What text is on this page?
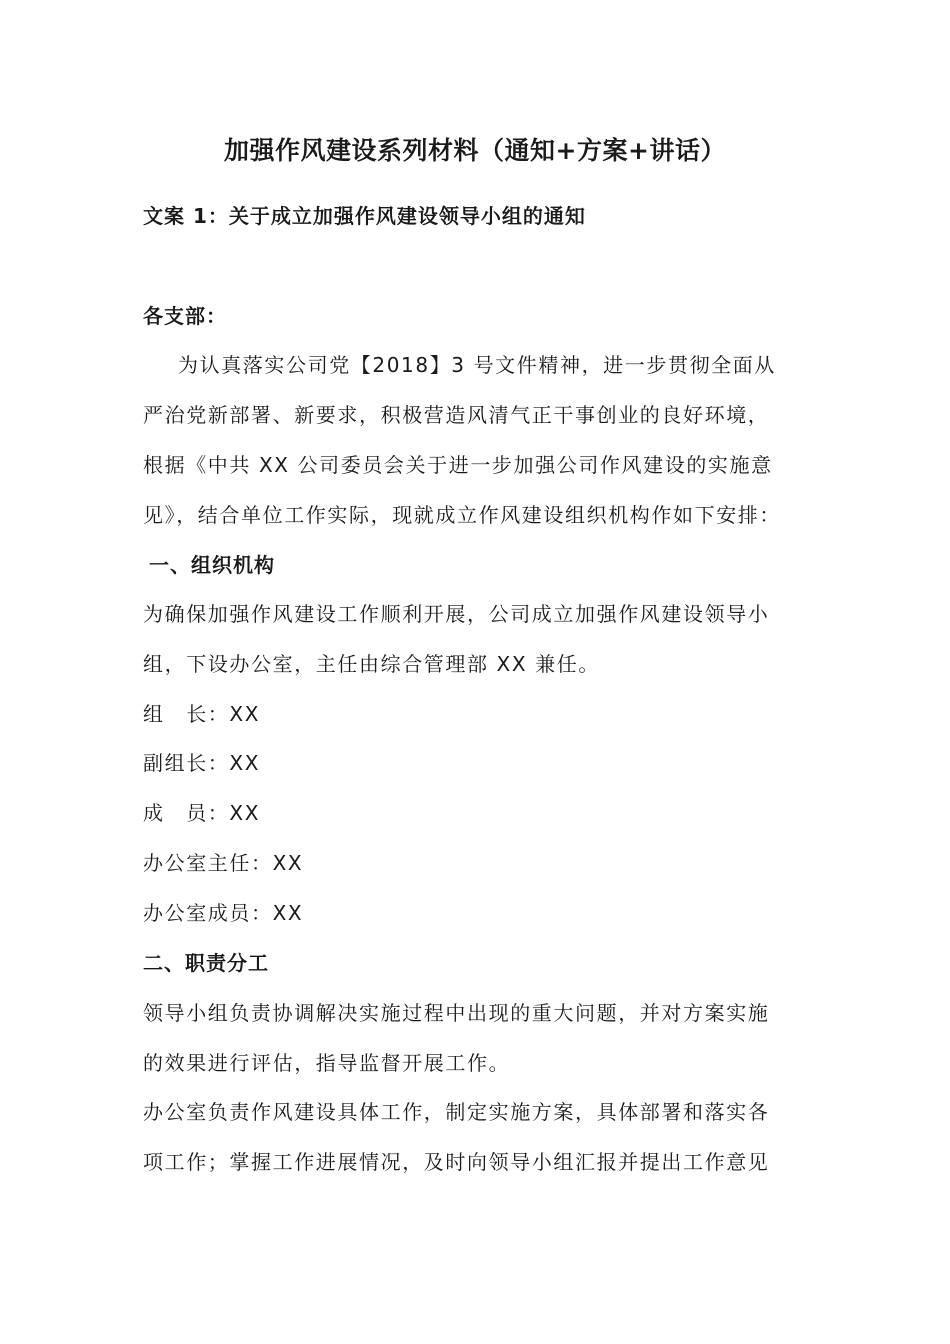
加强作风建设系列材料（通知+方案+讲话）
文案 1：关于成立加强作风建设领导小组的通知

各支部：

为认真落实公司党【2018】3 号文件精神，进一步贯彻全面从

严治党新部署、新要求，积极营造风清气正干事创业的良好环境，

根据《中共 XX 公司委员会关于进一步加强公司作风建设的实施意

见》，结合单位工作实际，现就成立作风建设组织机构作如下安排：

一、组织机构

为确保加强作风建设工作顺利开展，公司成立加强作风建设领导小

组，下设办公室，主任由综合管理部 XX 兼任。

组　长：XX

副组长：XX

成　员：XX

办公室主任：XX

办公室成员：XX

二、职责分工

领导小组负责协调解决实施过程中出现的重大问题，并对方案实施

的效果进行评估，指导监督开展工作。

办公室负责作风建设具体工作，制定实施方案，具体部署和落实各

项工作；掌握工作进展情况，及时向领导小组汇报并提出工作意见
